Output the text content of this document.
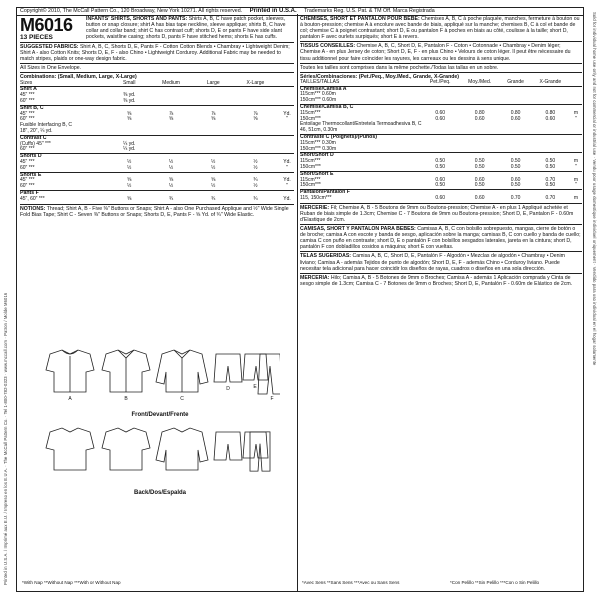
Printed in U.S.A. / Imprimé aux E.U. / Impreso en los E.U.A. · The McCall Pattern Co. · Tel 1-800-782-0323 · www.mccall.com · Patron / Molde M6016
Sold for individual home use only and not for commercial or industrial use · Vendu pour usage domestique individuel uniquement · Vendido para uso individual en el hogar solamente
Copyright© 2010, The McCall Pattern Co., 120 Broadway, New York 10271. All rights reserved. Printed in U.S.A. Trademarks Reg. U.S. Pat. & TM Off. Marca Registrada
M6016
13 PIECES
INFANTS' SHIRTS, SHORTS AND PANTS: Shirts A, B, C have patch pocket, sleeves, button or snap closure; shirt A has bias tape neckline, sleeve applique; shirts B, C have collar and collar band; shirt C has contrast cuff; shorts D, E or pants F have side slant pockets, waistline casing; shorts D, pants F have stitched hems; shorts E has cuffs.
SUGGESTED FABRICS: Shirt A, B, C, Shorts D, E, Pants F - Cotton Cotton Blends • Chambray • Lightweight Denim; Shirt A - also Cotton Knits; Shorts D, E, F - also Chino • Lightweight Corduroy. Additional Fabric may be needed to match stripes, plaids or one-way design fabric.
All Sizes in One Envelope.
Combinations: (Small, Medium, Large, X-Large)
Sizes	Small	Medium	Large	X-Large	
Shirt A					
45" ***	⅜ yd.				
60" ***	⅜ yd.				
Shirt B, C					
45" ***	⅝	⅞	⅞	⅞	Yd.
60" ***	⅝	⅝	⅝	⅝	"
Fusible Interfacing B, C					
18", 20", ¼ yd.					
Contrast C					
(Cuffs) 45" ***	¼ yd.				
60" ***	¼ yd.				
Shorts D					
45" ***	½	½	½	½	Yd.
60" ***	½	½	½	½	"
Shorts E					
45" ***	⅝	⅝	⅝	¾	Yd.
60" ***	½	½	½	½	"
Pants F					
45", 60" ***	⅝	¾	¾	¾	Yd.
NOTIONS: Thread; Shirt A, B - Five ⅜" Buttons or Snaps; Shirt A - also One Purchased Applique and ½" Wide Single Fold Bias Tape; Shirt C - Seven ⅜" Buttons or Snaps; Shorts D, E, Pants F - ⅝ Yd. of ¾" Wide Elastic.
A	B	C
D	E
F
Front/Devant/Frente
Back/Dos/Espalda
*With Nap **Without Nap ***With or Without Nap
CHEMISES, SHORT ET PANTALON POUR BEBE: Chemises A, B, C à poche plaquée, manches, fermeture à bouton ou à bouton-pression; chemise A à encolure avec bande de biais, appliqué sur la manche; chemises B, C à col et bande de col; chemise C à poignet contrastant; short D, E ou pantalon F à poches en biais au côté, coulisse à la taille; short D, pantalon F avec ourlets surpiqués; short E à revers.
TISSUS CONSEILLES: Chemise A, B, C, Short D, E, Pantalon F - Coton • Cotonnade • Chambray • Denim léger; Chemise A - en plus Jersey de coton; Short D, E, F - en plus Chino • Velours de coton léger. Il peut être nécessaire du tissu additionnel pour faire coïncider les rayures, les carreaux ou les dessins à sens unique.
Toutes les tailles sont comprises dans la même pochette./Todas las tallas en un sobre.
Séries/Combinaciones: (Pet./Peq., Moy./Med., Grande, X-Grande)
TAILLES/TALLAS	Pet./Peq.	Moy./Med.	Grande	X-Grande	
Chemise/Camisa A					
115cm*** 0.60m					
150cm*** 0.60m					
Chemise/Camisa B, C					
115cm***	0.60	0.80	0.80	0.80	m
150cm***	0.60	0.60	0.60	0.60	"
Entoilage Thermocollant/Entretela Termoadhesiva B, C					
46, 51cm, 0.30m					
Contraste C (Poignets)/(Puños)					
115cm*** 0.30m					
150cm*** 0.30m					
Short/Short D					
115cm***	0.50	0.50	0.50	0.50	m
150cm***	0.50	0.50	0.50	0.50	"
Short/Short E					
115cm***	0.60	0.60	0.60	0.70	m
150cm***	0.50	0.50	0.50	0.50	"
Pantalon/Pantalón F					
115, 150cm***	0.60	0.60	0.70	0.70	m
MERCERIE: Fil; Chemise A, B - 5 Boutons de 9mm ou Boutons-pression; Chemise A - en plus 1 Appliqué achetée et Ruban de biais simple de 1.3cm; Chemise C - 7 Boutons de 9mm ou Boutons-pression; Short D, E, Pantalon F - 0.60m d'Elastique de 2cm.
CAMISAS, SHORT Y PANTALON PARA BEBES: Camisas A, B, C con bolsillo sobrepuesto, mangas, cierre de botón o de broche; camisa A con escote y banda de sesgo, aplicación sobre la manga; camisas B, C con cuello y banda de cuello; camisa C con puño en contraste; short D, E o pantalón F con bolsillos sesgados laterales, jareta en la cintura; short D, pantalón F con dobladillos cosidos a máquina; short E con vueltas.
TELAS SUGERIDAS: Camisa A, B, C, Short D, E, Pantalón F - Algodón • Mezclas de algodón • Chambray • Denim liviano; Camisa A - además Tejidos de punto de algodón; Short D, E, F - además Chino • Corduroy liviano. Puede necesitar tela adicional para hacer coincidir los diseños de rayas, cuadros o diseños en una sola dirección.
MERCERIA: Hilo; Camisa A, B - 5 Botones de 9mm o Broches; Camisa A - además 1 Aplicación comprada y Cinta de sesgo simple de 1.3cm; Camisa C - 7 Botones de 9mm o Broches; Short D, E, Pantalón F - 0.60m de Elástico de 2cm.
*Avec Sens **Sans Sens ***Avec ou Sans Sens	*Con Pelillo **Sin Pelillo ***Con o Sin Pelillo
